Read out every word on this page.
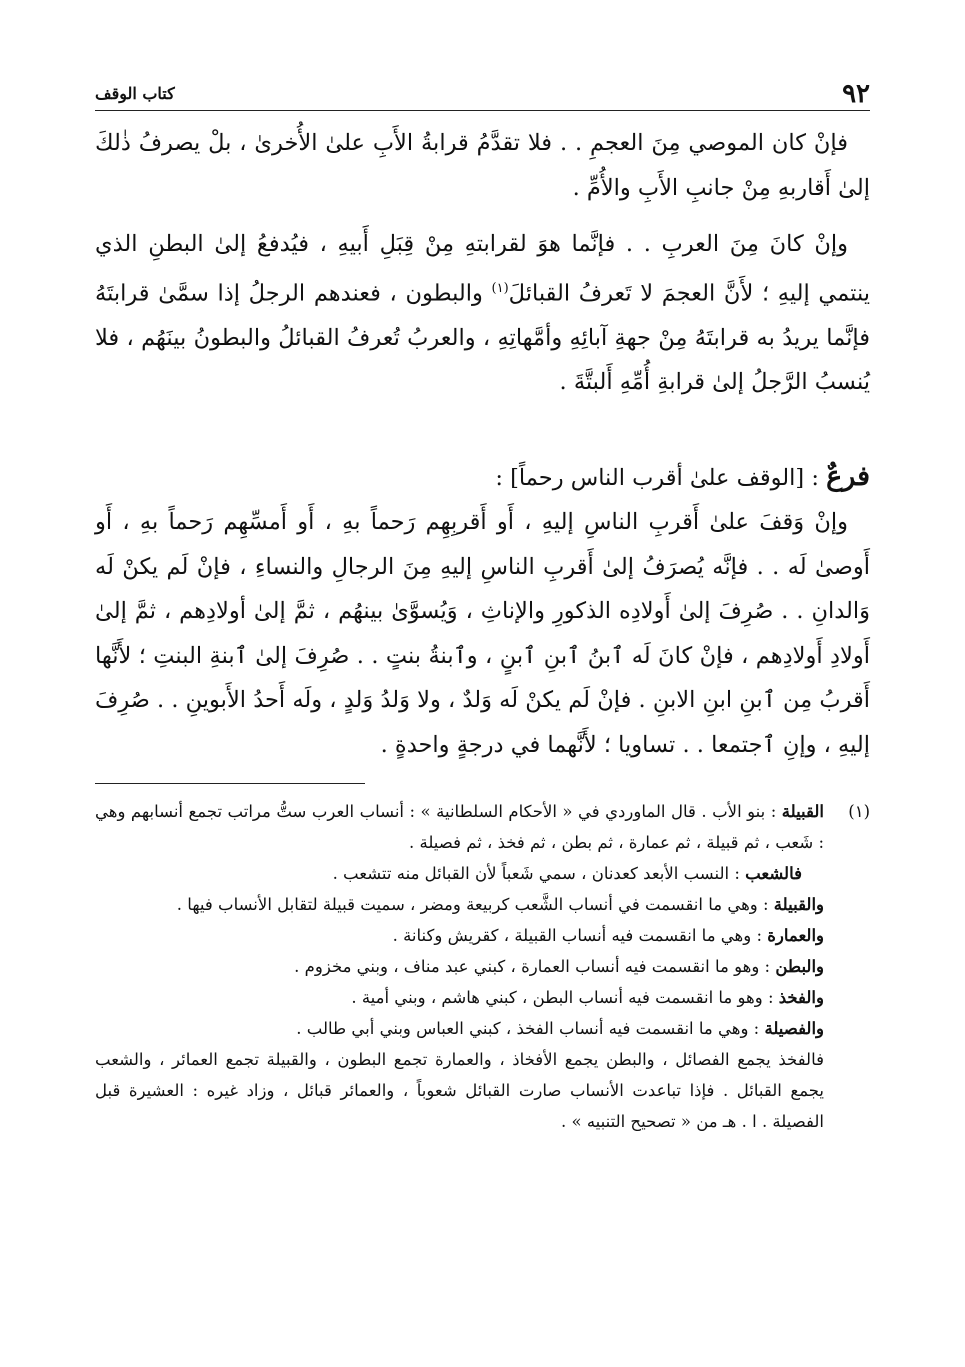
٩٢
كتاب الوقف

فإنْ كان الموصي مِنَ العجمِ . . فلا تقدَّمُ قرابةُ الأَبِ علىٰ الأُخرىٰ ، بلْ يصرفُ ذٰلكَ إلىٰ أَقاربهِ مِنْ جانبِ الأَبِ والأُمِّ .

وإنْ كانَ مِنَ العربِ . . فإنَّما هوَ لقرابتهِ مِنْ قِبَلِ أَبيهِ ، فيُدفعُ إلىٰ البطنِ الذي ينتمي إليهِ ؛ لأَنَّ العجمَ لا تَعرفُ القبائلَ$^{(١)}$ والبطون ، فعندهم الرجلُ إذا سمَّىٰ قرابتَهُ فإنَّما يريدُ به قرابتَهُ مِنْ جهةِ آبائِهِ وأمَّهاتِهِ ، والعربُ تُعرفُ القبائلُ والبطونُ بينَهُم ، فلا يُنسبُ الرَّجلُ إلىٰ قرابةِ أُمِّهِ أَلبتَّةَ .

فرعٌ : [الوقف علىٰ أقرب الناس رحماً] :

وإنْ وَقفَ علىٰ أَقربِ الناسِ إليهِ ، أَو أَقربِهِم رَحماً بهِ ، أَو أَمسِّهِم رَحماً بهِ ، أَو أَوصىٰ لَه . . فإنَّه يُصرَفُ إلىٰ أَقربِ الناسِ إليهِ مِنَ الرجالِ والنساءِ ، فإنْ لَم يكنْ لَه وَالدانِ . . صُرِفَ إلىٰ أَولادِه الذكورِ والإناثِ ، وَيُسوَّىٰ بينهُم ، ثمَّ إلىٰ أولادِهم ، ثمَّ إلىٰ أَولادِ أَولادِهم ، فإنْ كانَ لَه ٱبنُ ٱبنِ ٱبنٍ ، وٱبنةُ بنتٍ . . صُرِفَ إلىٰ ٱبنةِ البنتِ ؛ لأَنَّها أَقربُ مِن ٱبنِ ابنِ الابنِ . فإنْ لَم يكنْ لَه وَلدٌ ، ولا وَلدُ وَلدٍ ، ولَه أَحدُ الأَبوينِ . . صُرِفَ إليهِ ، وإنِ ٱجتمعا . . تساويا ؛ لأَنَّهما في درجةٍ واحدةٍ .

(١)
القبيلة : بنو الأب . قال الماوردي في « الأحكام السلطانية » : أنساب العرب ستُّ مراتب تجمع أنسابهم وهي : شَعب ، ثم قبيلة ، ثم عمارة ، ثم بطن ، ثم فخذ ، ثم فصيلة .

فالشعب : النسب الأبعد كعدنان ، سمي شَعباً لأن القبائل منه تتشعب .

والقبيلة : وهي ما انقسمت في أنساب الشَّعب كربيعة ومضر ، سميت قبيلة لتقابل الأنساب فيها .

والعمارة : وهي ما انقسمت فيه أنساب القبيلة ، كقريش وكنانة .

والبطن : وهو ما انقسمت فيه أنساب العمارة ، كبني عبد مناف ، وبني مخزوم .

والفخذ : وهو ما انقسمت فيه أنساب البطن ، كبني هاشم ، وبني أمية .

والفصيلة : وهي ما انقسمت فيه أنساب الفخذ ، كبني العباس وبني أبي طالب .

فالفخذ يجمع الفصائل ، والبطن يجمع الأفخاذ ، والعمارة تجمع البطون ، والقبيلة تجمع العمائر ، والشعب يجمع القبائل . فإذا تباعدت الأنساب صارت القبائل شعوباً ، والعمائر قبائل ، وزاد غيره : العشيرة قبل الفصيلة . ا . هـ من « تصحيح التنبيه » .
